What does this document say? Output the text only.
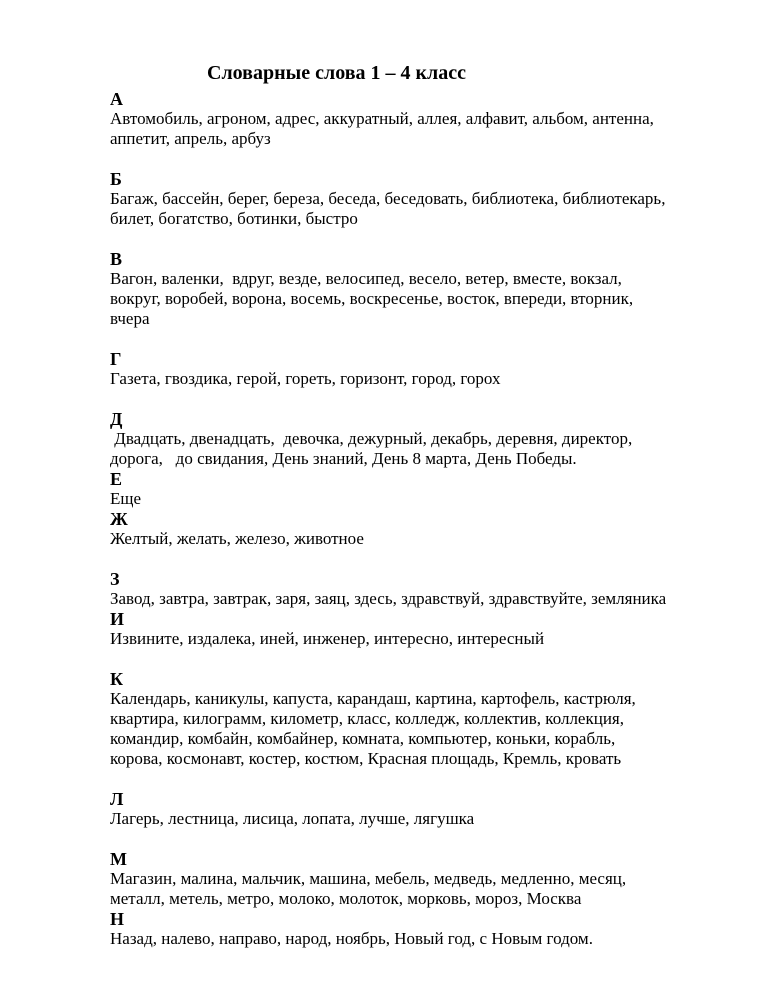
Словарные слова 1 – 4 класс
А
Автомобиль, агроном, адрес, аккуратный, аллея, алфавит, альбом, антенна,
аппетит, апрель, арбуз
Б
Багаж, бассейн, берег, береза, беседа, беседовать, библиотека, библиотекарь,
билет, богатство, ботинки, быстро
В
Вагон, валенки,  вдруг, везде, велосипед, весело, ветер, вместе, вокзал,
вокруг, воробей, ворона, восемь, воскресенье, восток, впереди, вторник,
вчера
Г
Газета, гвоздика, герой, гореть, горизонт, город, горох
Д
Двадцать, двенадцать,  девочка, дежурный, декабрь, деревня, директор,
дорога,   до свидания, День знаний, День 8 марта, День Победы.
Е
Еще
Ж
Желтый, желать, железо, животное
З
Завод, завтра, завтрак, заря, заяц, здесь, здравствуй, здравствуйте, земляника
И
Извините, издалека, иней, инженер, интересно, интересный
К
Календарь, каникулы, капуста, карандаш, картина, картофель, кастрюля,
квартира, килограмм, километр, класс, колледж, коллектив, коллекция,
командир, комбайн, комбайнер, комната, компьютер, коньки, корабль,
корова, космонавт, костер, костюм, Красная площадь, Кремль, кровать
Л
Лагерь, лестница, лисица, лопата, лучше, лягушка
М
Магазин, малина, мальчик, машина, мебель, медведь, медленно, месяц,
металл, метель, метро, молоко, молоток, морковь, мороз, Москва
Н
Назад, налево, направо, народ, ноябрь, Новый год, с Новым годом.
